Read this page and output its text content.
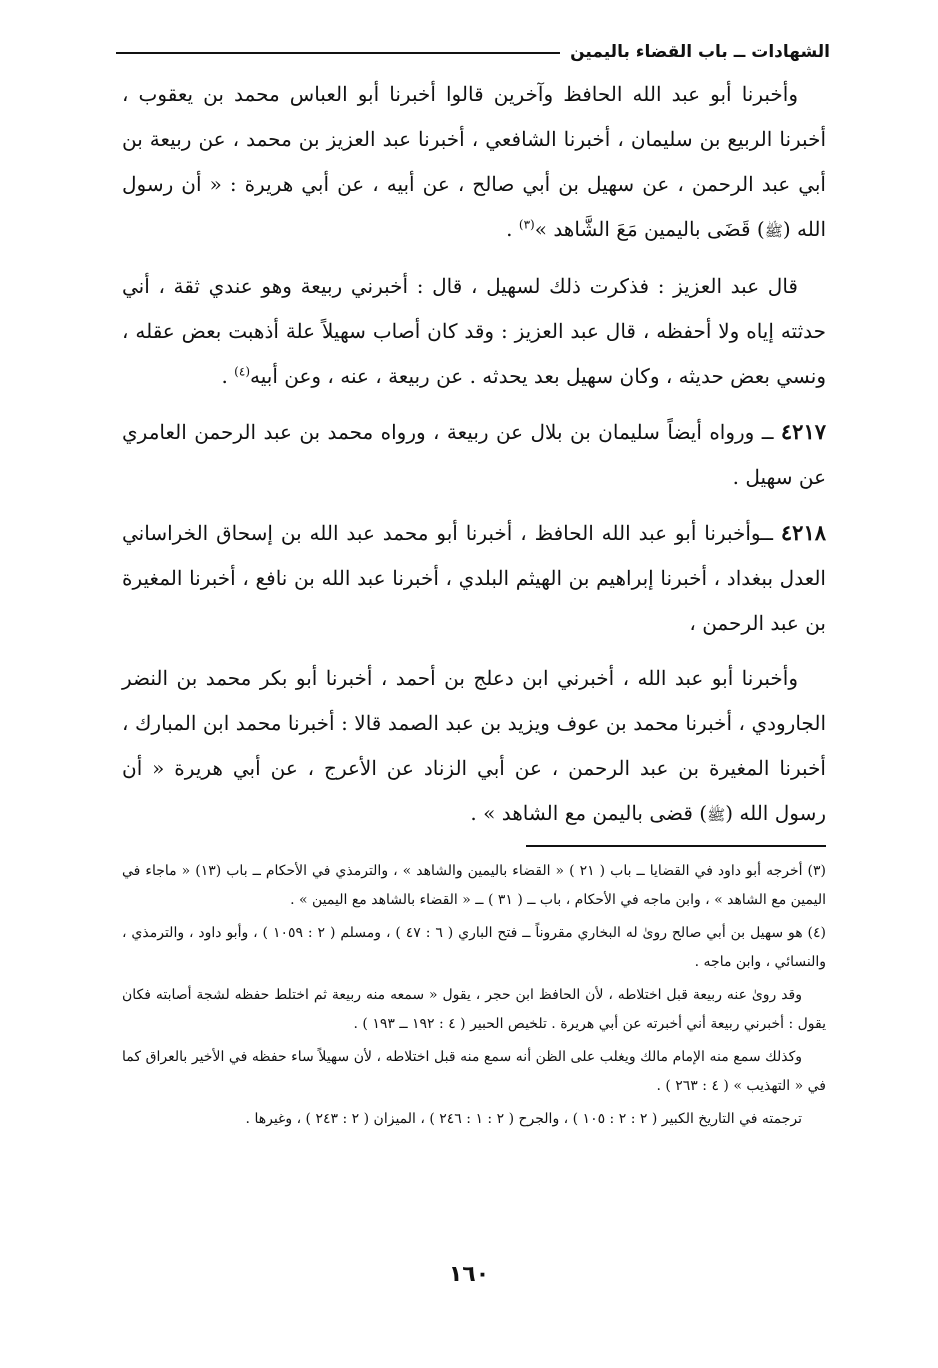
الشهادات ــ باب القضاء باليمين

وأخبرنا أبو عبد الله الحافظ وآخرين قالوا أخبرنا أبو العباس محمد بن يعقوب ، أخبرنا الربيع بن سليمان ، أخبرنا الشافعي ، أخبرنا عبد العزيز بن محمد ، عن ربيعة بن أبي عبد الرحمن ، عن سهيل بن أبي صالح ، عن أبيه ، عن أبي هريرة : « أن رسول الله (ﷺ) قَضَى باليمين مَعَ الشَّاهد »$^{(٣)}$ .

قال عبد العزيز : فذكرت ذلك لسهيل ، قال : أخبرني ربيعة وهو عندي ثقة ، أني حدثته إياه ولا أحفظه ، قال عبد العزيز : وقد كان أصاب سهيلاً علة أذهبت بعض عقله ، ونسي بعض حديثه ، وكان سهيل بعد يحدثه . عن ربيعة ، عنه ، وعن أبيه$^{(٤)}$ .

٤٢١٧ ــ ورواه أيضاً سليمان بن بلال عن ربيعة ، ورواه محمد بن عبد الرحمن العامري عن سهيل .

٤٢١٨ ــوأخبرنا أبو عبد الله الحافظ ، أخبرنا أبو محمد عبد الله بن إسحاق الخراساني العدل ببغداد ، أخبرنا إبراهيم بن الهيثم البلدي ، أخبرنا عبد الله بن نافع ، أخبرنا المغيرة بن عبد الرحمن ،

وأخبرنا أبو عبد الله ، أخبرني ابن دعلج بن أحمد ، أخبرنا أبو بكر محمد بن النضر الجارودي ، أخبرنا محمد بن عوف ويزيد بن عبد الصمد قالا : أخبرنا محمد ابن المبارك ، أخبرنا المغيرة بن عبد الرحمن ، عن أبي الزناد عن الأعرج ، عن أبي هريرة « أن رسول الله (ﷺ) قضى باليمن مع الشاهد » .

(٣) أخرجه أبو داود في القضايا ــ باب ( ٢١ ) « القضاء باليمين والشاهد » ، والترمذي في الأحكام ــ باب (١٣) « ماجاء في اليمين مع الشاهد » ، وابن ماجه في الأحكام ، باب ــ ( ٣١ ) ــ « القضاء بالشاهد مع اليمين » .

(٤) هو سهيل بن أبي صالح روىٰ له البخاري مقروناً ــ فتح الباري ( ٦ : ٤٧ ) ، ومسلم ( ٢ : ١٠٥٩ ) ، وأبو داود ، والترمذي ، والنسائي ، وابن ماجه .

وقد روىٰ عنه ربيعة قبل اختلاطه ، لأن الحافظ ابن حجر ، يقول « سمعه منه ربيعة ثم اختلط حفظه لشجة أصابته فكان يقول : أخبرني ربيعة أني أخبرته عن أبي هريرة . تلخيص الحبير ( ٤ : ١٩٢ ــ ١٩٣ ) .

وكذلك سمع منه الإمام مالك ويغلب على الظن أنه سمع منه قبل اختلاطه ، لأن سهيلاً ساء حفظه في الأخير بالعراق كما في « التهذيب » ( ٤ : ٢٦٣ ) .

ترجمته في التاريخ الكبير ( ٢ : ٢ : ١٠٥ ) ، والجرح ( ٢ : ١ : ٢٤٦ ) ، الميزان ( ٢ : ٢٤٣ ) ، وغيرها .

١٦٠
